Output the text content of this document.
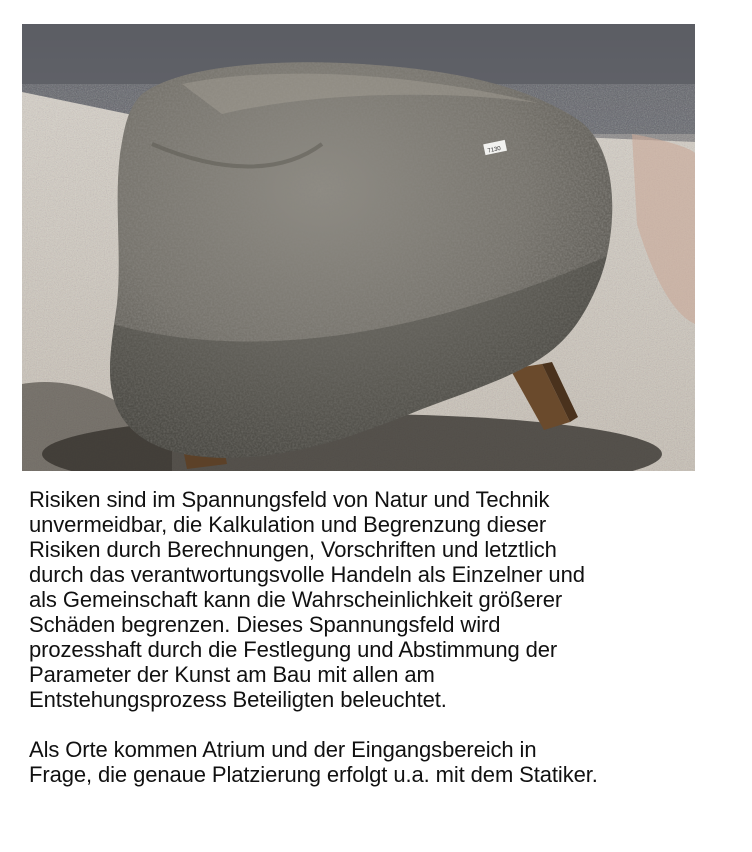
7130

Risiken sind im Spannungsfeld von Natur und Technik
unvermeidbar, die Kalkulation und Begrenzung dieser
Risiken durch Berechnungen, Vorschriften und letztlich
durch das verantwortungsvolle Handeln als Einzelner und
als Gemeinschaft kann die Wahrscheinlichkeit größerer
Schäden begrenzen. Dieses Spannungsfeld wird
prozesshaft durch die Festlegung und Abstimmung der
Parameter der Kunst am Bau mit allen am
Entstehungsprozess Beteiligten beleuchtet.

Als Orte kommen Atrium und der Eingangsbereich in
Frage, die genaue Platzierung erfolgt u.a. mit dem Statiker.
